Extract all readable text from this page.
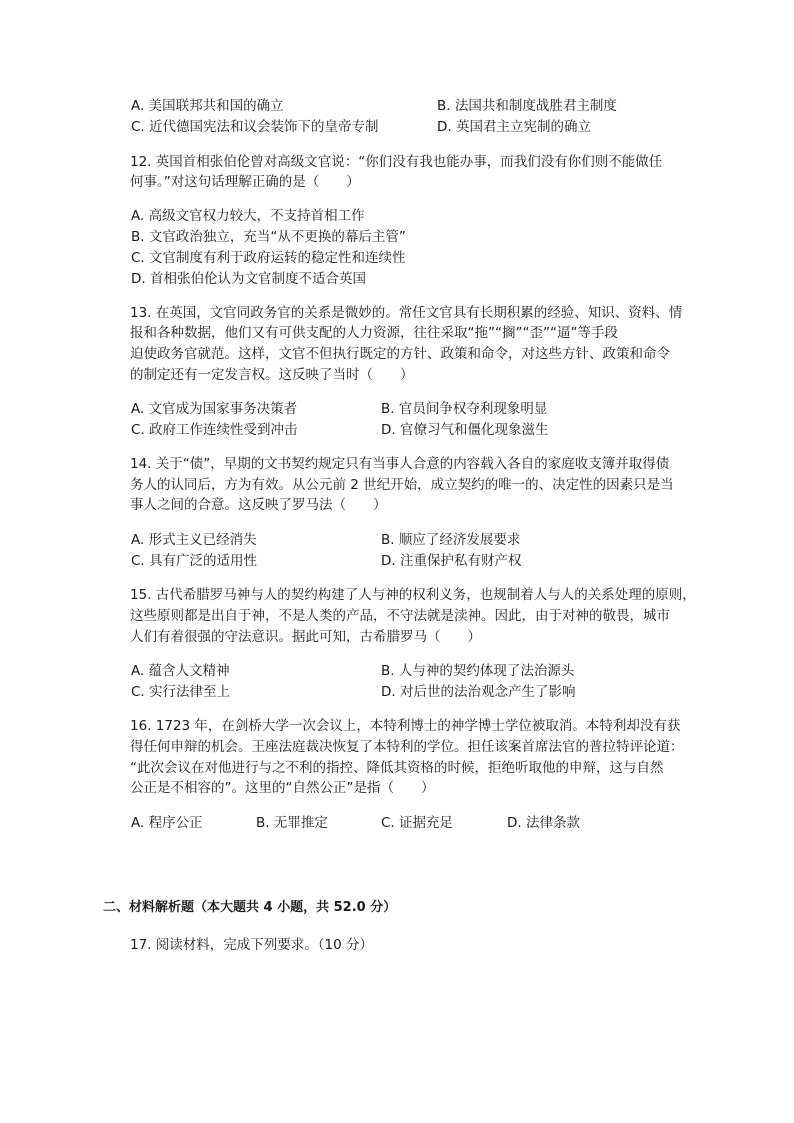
A. 美国联邦共和国的确立	B. 法国共和制度战胜君主制度
C. 近代德国宪法和议会装饰下的皇帝专制	D. 英国君主立宪制的确立
12. 英国首相张伯伦曾对高级文官说：“你们没有我也能办事，而我们没有你们则不能做任
何事。”对这句话理解正确的是（　　）
A. 高级文官权力较大，不支持首相工作
B. 文官政治独立，充当“从不更换的幕后主管”
C. 文官制度有利于政府运转的稳定性和连续性
D. 首相张伯伦认为文官制度不适合英国
13. 在英国，文官同政务官的关系是微妙的。常任文官具有长期积累的经验、知识、资料、情
报和各种数据，他们又有可供支配的人力资源，往往采取“拖”“搁”“歪”“逼”等手段
迫使政务官就范。这样，文官不但执行既定的方针、政策和命令，对这些方针、政策和命令
的制定还有一定发言权。这反映了当时（　　）
A. 文官成为国家事务决策者	B. 官员间争权夺利现象明显
C. 政府工作连续性受到冲击	D. 官僚习气和僵化现象滋生
14. 关于“债”，早期的文书契约规定只有当事人合意的内容载入各自的家庭收支簿并取得债
务人的认同后，方为有效。从公元前 2 世纪开始，成立契约的唯一的、决定性的因素只是当
事人之间的合意。这反映了罗马法（　　）
A. 形式主义已经消失	B. 顺应了经济发展要求
C. 具有广泛的适用性	D. 注重保护私有财产权
15. 古代希腊罗马神与人的契约构建了人与神的权利义务，也规制着人与人的关系处理的原则，
这些原则都是出自于神，不是人类的产品，不守法就是渎神。因此，由于对神的敬畏，城市
人们有着很强的守法意识。据此可知，古希腊罗马（　　）
A. 蕴含人文精神	B. 人与神的契约体现了法治源头
C. 实行法律至上	D. 对后世的法治观念产生了影响
16. 1723 年，在剑桥大学一次会议上，本特利博士的神学博士学位被取消。本特利却没有获
得任何申辩的机会。王座法庭裁决恢复了本特利的学位。担任该案首席法官的普拉特评论道：
“此次会议在对他进行与之不利的指控、降低其资格的时候，拒绝听取他的申辩，这与自然
公正是不相容的”。这里的“自然公正”是指（　　）
A. 程序公正	B. 无罪推定	C. 证据充足	D. 法律条款
二、材料解析题（本大题共 4 小题，共 52.0 分）
17. 阅读材料，完成下列要求。（10 分）
